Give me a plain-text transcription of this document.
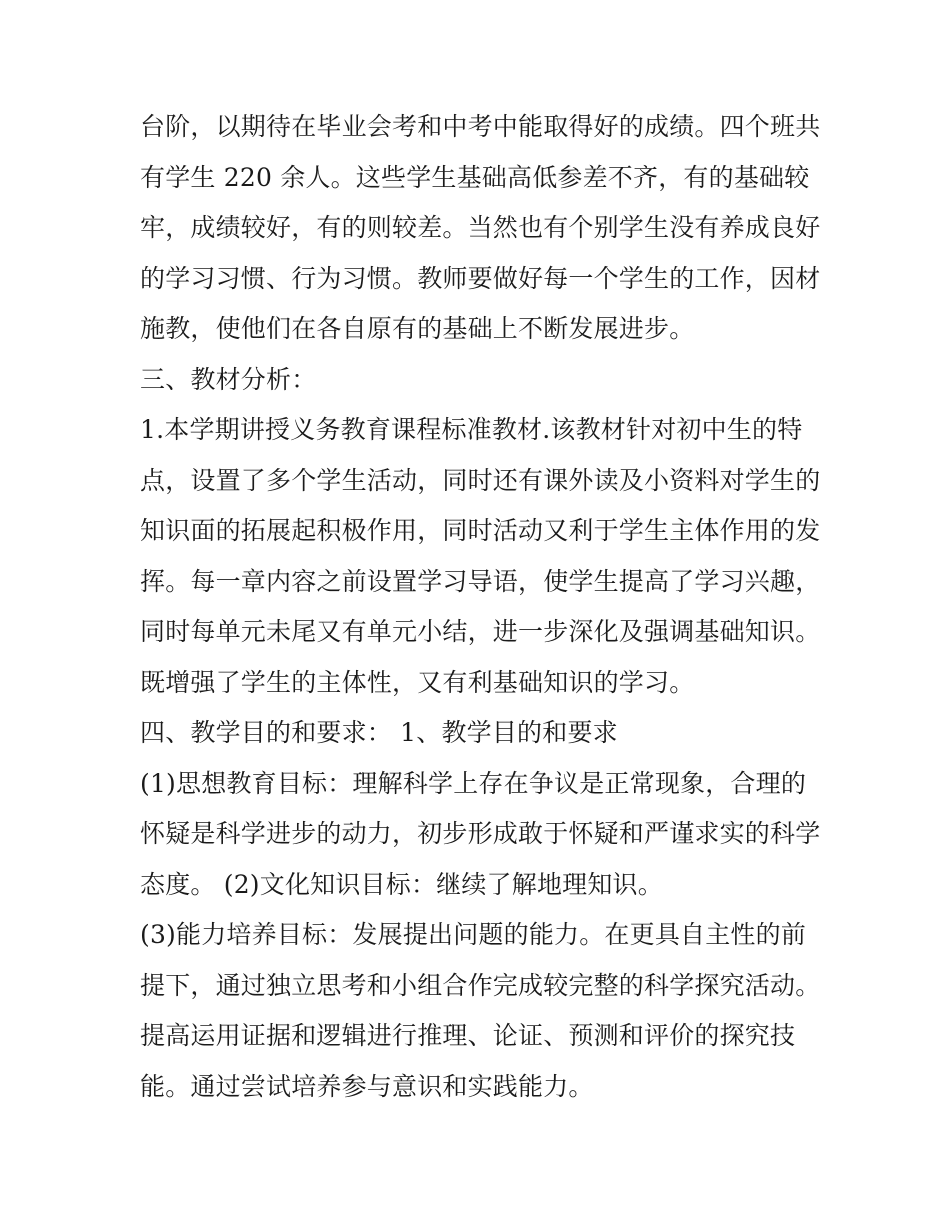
台阶，以期待在毕业会考和中考中能取得好的成绩。四个班共
有学生 220 余人。这些学生基础高低参差不齐，有的基础较
牢，成绩较好，有的则较差。当然也有个别学生没有养成良好
的学习习惯、行为习惯。教师要做好每一个学生的工作，因材
施教，使他们在各自原有的基础上不断发展进步。
三、教材分析：
1.本学期讲授义务教育课程标准教材.该教材针对初中生的特
点，设置了多个学生活动，同时还有课外读及小资料对学生的
知识面的拓展起积极作用，同时活动又利于学生主体作用的发
挥。每一章内容之前设置学习导语，使学生提高了学习兴趣，
同时每单元未尾又有单元小结，进一步深化及强调基础知识。
既增强了学生的主体性，又有利基础知识的学习。
四、教学目的和要求： 1、教学目的和要求
(1)思想教育目标：理解科学上存在争议是正常现象，合理的
怀疑是科学进步的动力，初步形成敢于怀疑和严谨求实的科学
态度。 (2)文化知识目标：继续了解地理知识。
(3)能力培养目标：发展提出问题的能力。在更具自主性的前
提下，通过独立思考和小组合作完成较完整的科学探究活动。
提高运用证据和逻辑进行推理、论证、预测和评价的探究技
能。通过尝试培养参与意识和实践能力。
